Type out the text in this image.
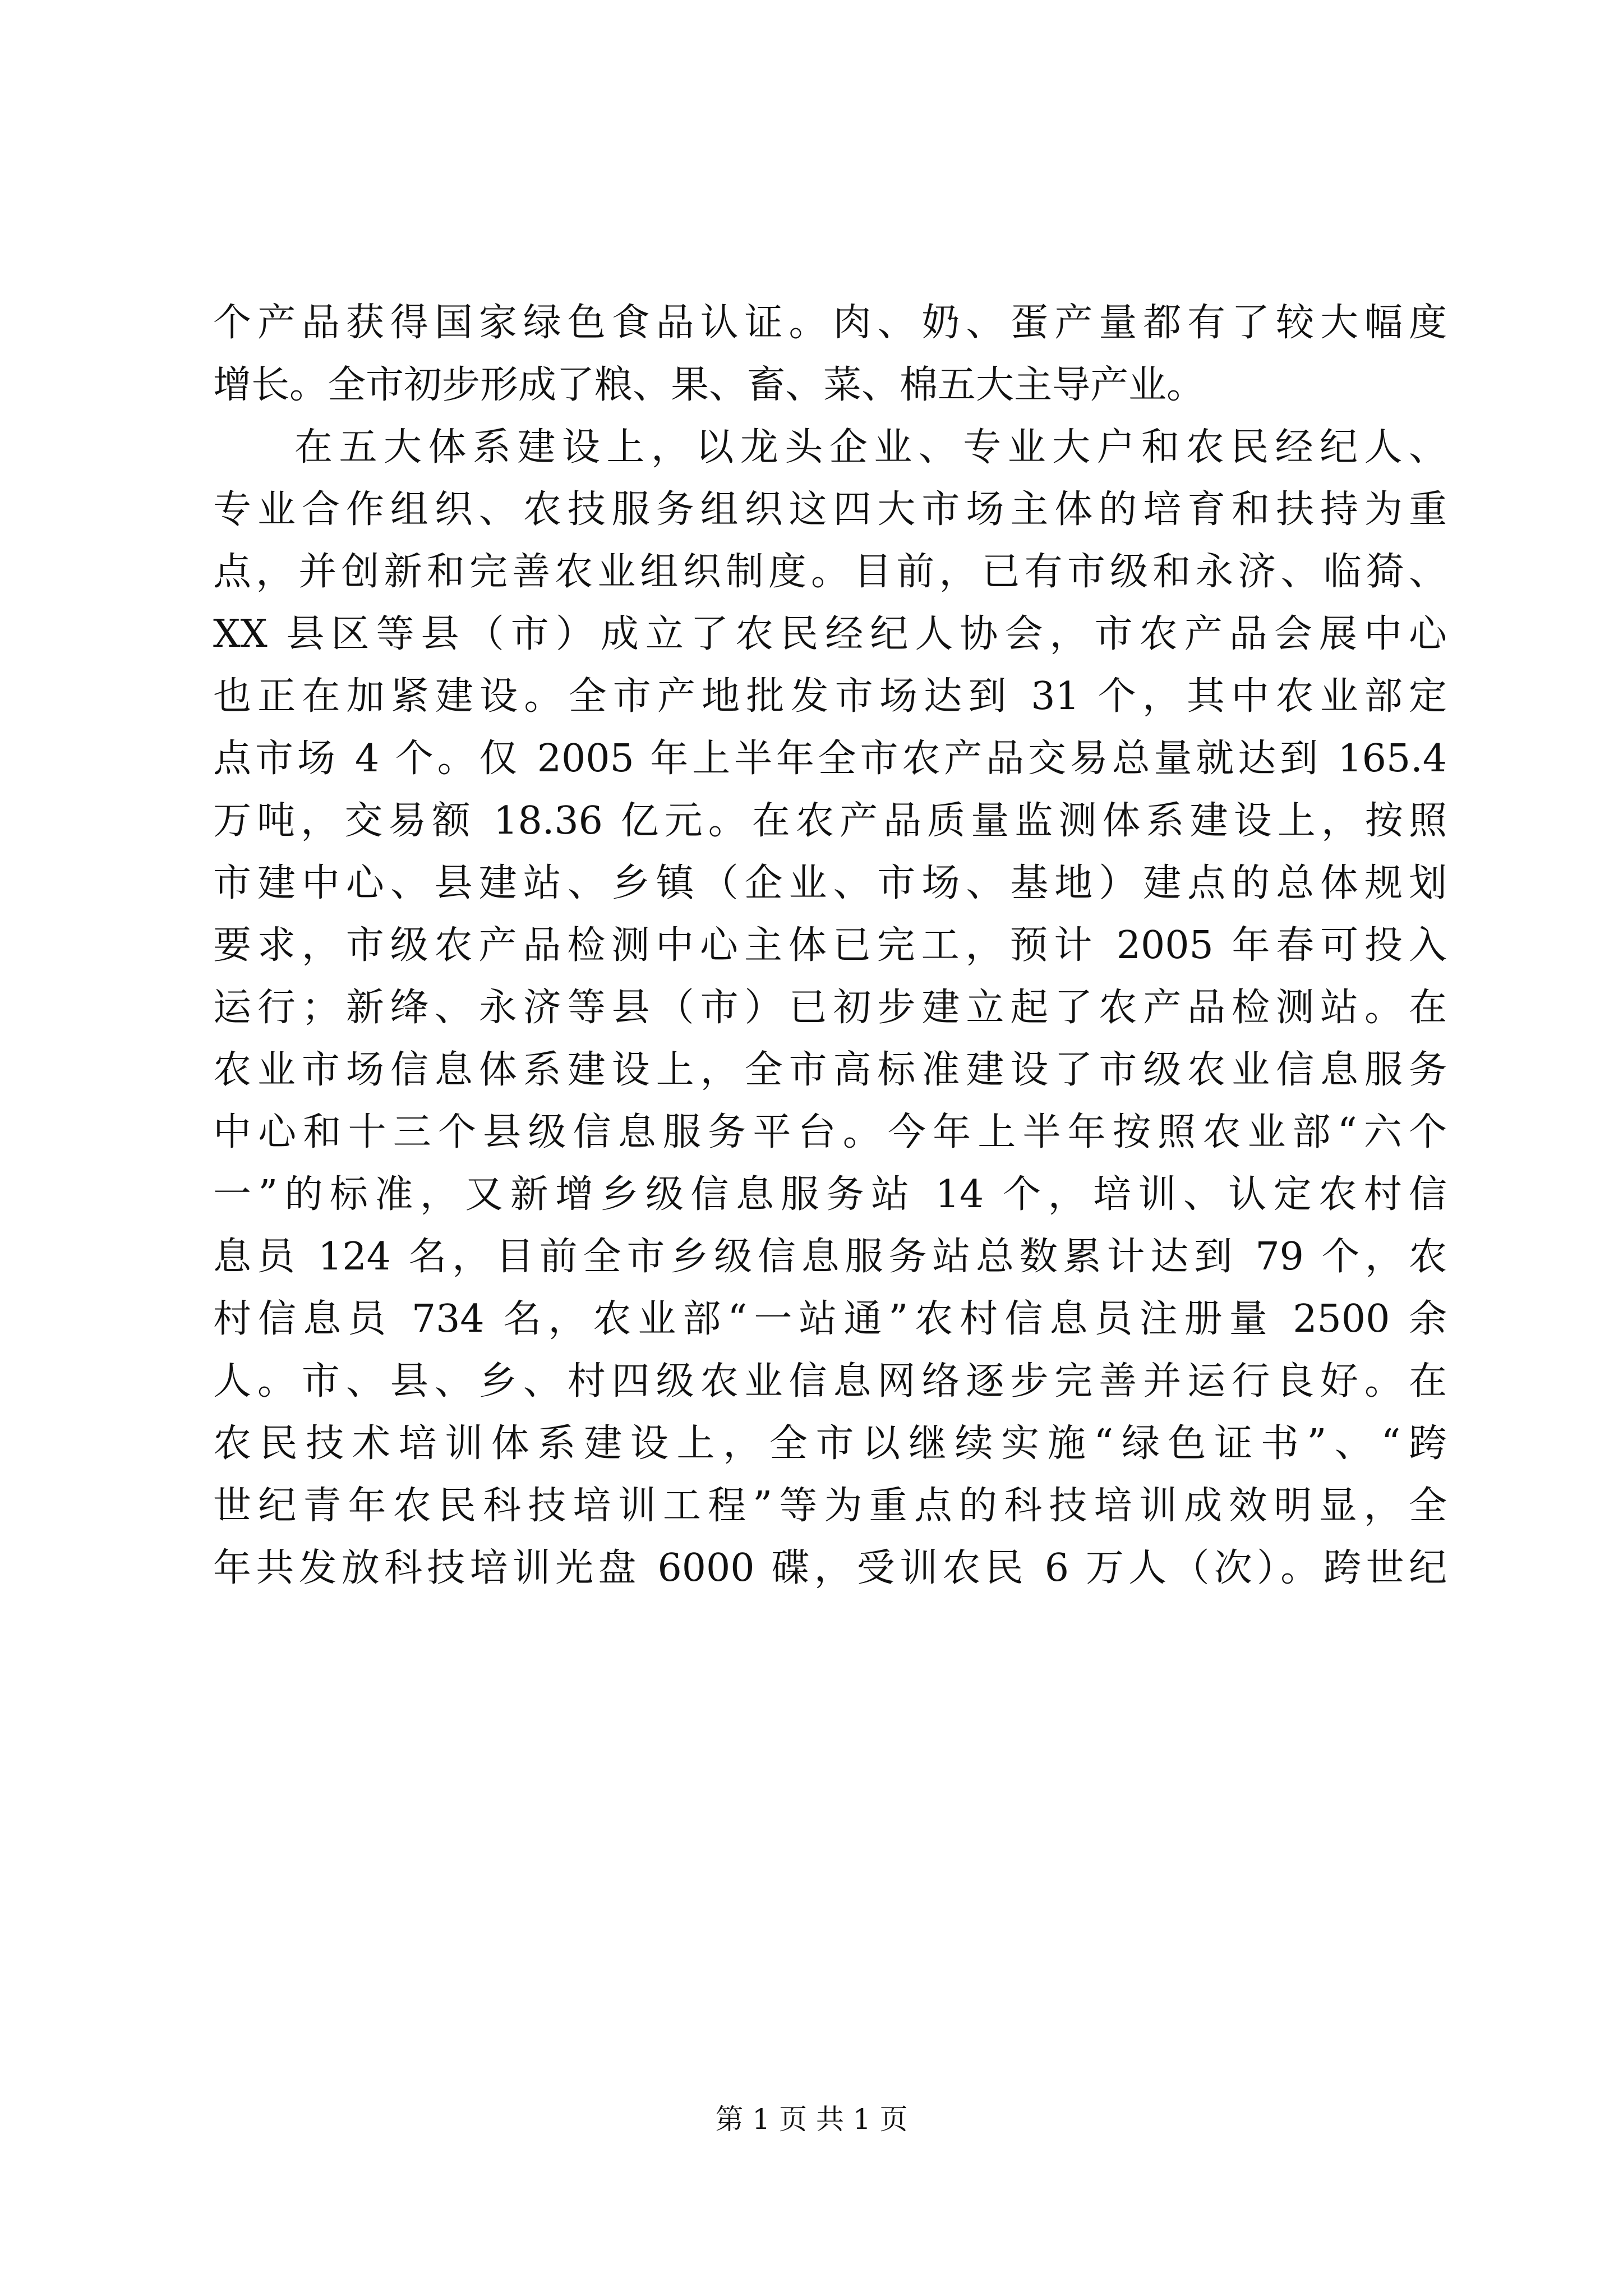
个产品获得国家绿色食品认证。肉、奶、蛋产量都有了较大幅度
增长。全市初步形成了粮、果、畜、菜、棉五大主导产业。
在五大体系建设上，以龙头企业、专业大户和农民经纪人、
专业合作组织、农技服务组织这四大市场主体的培育和扶持为重
点，并创新和完善农业组织制度。目前，已有市级和永济、临猗、
XX 县区等县（市）成立了农民经纪人协会，市农产品会展中心
也正在加紧建设。全市产地批发市场达到 31 个，其中农业部定
点市场 4 个。仅 2005 年上半年全市农产品交易总量就达到 165.4
万吨，交易额 18.36 亿元。在农产品质量监测体系建设上，按照
市建中心、县建站、乡镇（企业、市场、基地）建点的总体规划
要求，市级农产品检测中心主体已完工，预计 2005 年春可投入
运行；新绛、永济等县（市）已初步建立起了农产品检测站。在
农业市场信息体系建设上，全市高标准建设了市级农业信息服务
中心和十三个县级信息服务平台。今年上半年按照农业部“六个
一”的标准，又新增乡级信息服务站 14 个，培训、认定农村信
息员 124 名，目前全市乡级信息服务站总数累计达到 79 个，农
村信息员 734 名，农业部“一站通”农村信息员注册量 2500 余
人。市、县、乡、村四级农业信息网络逐步完善并运行良好。在
农民技术培训体系建设上，全市以继续实施“绿色证书”、“跨
世纪青年农民科技培训工程”等为重点的科技培训成效明显，全
年共发放科技培训光盘 6000 碟，受训农民 6 万人（次）。跨世纪
第 1 页 共 1 页
